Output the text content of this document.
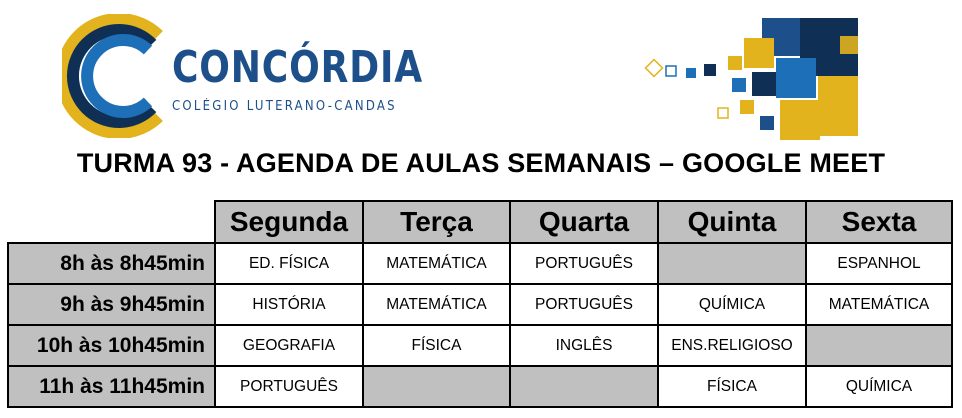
CONCÓRDIA
COLÉGIO LUTERANO-CANDAS
TURMA 93 - AGENDA DE AULAS SEMANAIS – GOOGLE MEET
	Segunda	Terça	Quarta	Quinta	Sexta
8h às 8h45min	ED. FÍSICA	MATEMÁTICA	PORTUGUÊS		ESPANHOL
9h às 9h45min	HISTÓRIA	MATEMÁTICA	PORTUGUÊS	QUÍMICA	MATEMÁTICA
10h às 10h45min	GEOGRAFIA	FÍSICA	INGLÊS	ENS.RELIGIOSO	
11h às 11h45min	PORTUGUÊS			FÍSICA	QUÍMICA
